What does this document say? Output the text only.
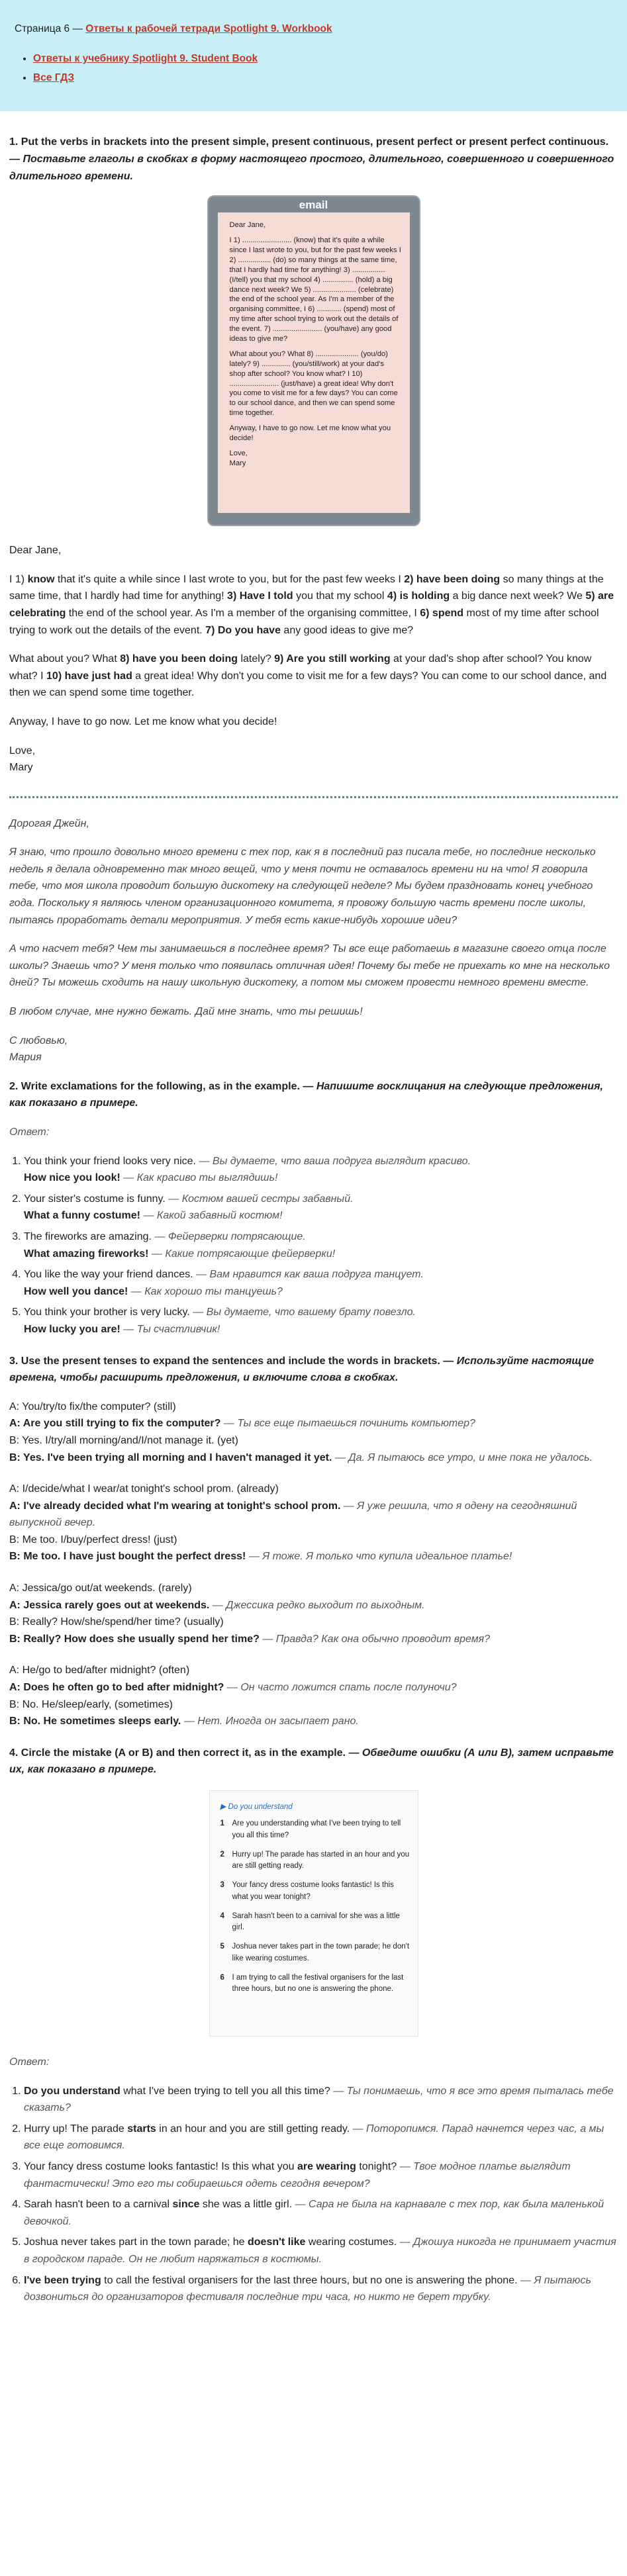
Страница 6 — Ответы к рабочей тетради Spotlight 9. Workbook
• Ответы к учебнику Spotlight 9. Student Book
• Все ГДЗ

1. Put the verbs in brackets into the present simple, present continuous, present perfect or present perfect continuous. — Поставьте глаголы в скобках в форму настоящего простого, длительного, совершенного и совершенного длительного времени.

email

Dear Jane,

I 1) ........................ (know) that it's quite a while since I last wrote to you, but for the past few weeks I 2) ................ (do) so many things at the same time, that I hardly had time for anything! 3) ................ (I/tell) you that my school 4) ............... (hold) a big dance next week? We 5) ..................... (celebrate) the end of the school year. As I'm a member of the organising committee, I 6) ............ (spend) most of my time after school trying to work out the details of the event. 7) ........................ (you/have) any good ideas to give me?

What about you? What 8) ..................... (you/do) lately? 9) .............. (you/still/work) at your dad's shop after school? You know what? I 10) ........................ (just/have) a great idea! Why don't you come to visit me for a few days? You can come to our school dance, and then we can spend some time together.

Anyway, I have to go now. Let me know what you decide!

Love,
Mary

Dear Jane,

I 1) know that it's quite a while since I last wrote to you, but for the past few weeks I 2) have been doing so many things at the same time, that I hardly had time for anything! 3) Have I told you that my school 4) is holding a big dance next week? We 5) are celebrating the end of the school year. As I'm a member of the organising committee, I 6) spend most of my time after school trying to work out the details of the event. 7) Do you have any good ideas to give me?

What about you? What 8) have you been doing lately? 9) Are you still working at your dad's shop after school? You know what? I 10) have just had a great idea! Why don't you come to visit me for a few days? You can come to our school dance, and then we can spend some time together.

Anyway, I have to go now. Let me know what you decide!

Love,
Mary

Дорогая Джейн,

Я знаю, что прошло довольно много времени с тех пор, как я в последний раз писала тебе, но последние несколько недель я делала одновременно так много вещей, что у меня почти не оставалось времени ни на что! Я говорила тебе, что моя школа проводит большую дискотеку на следующей неделе? Мы будем праздновать конец учебного года. Поскольку я являюсь членом организационного комитета, я провожу большую часть времени после школы, пытаясь проработать детали мероприятия. У тебя есть какие-нибудь хорошие идеи?

А что насчет тебя? Чем ты занимаешься в последнее время? Ты все еще работаешь в магазине своего отца после школы? Знаешь что? У меня только что появилась отличная идея! Почему бы тебе не приехать ко мне на несколько дней? Ты можешь сходить на нашу школьную дискотеку, а потом мы сможем провести немного времени вместе.

В любом случае, мне нужно бежать. Дай мне знать, что ты решишь!

С любовью,
Мария

2. Write exclamations for the following, as in the example. — Напишите восклицания на следующие предложения, как показано в примере.

Ответ:

1. You think your friend looks very nice. — Вы думаете, что ваша подруга выглядит красиво.
How nice you look! — Как красиво ты выглядишь!
2. Your sister's costume is funny. — Костюм вашей сестры забавный.
What a funny costume! — Какой забавный костюм!
3. The fireworks are amazing. — Фейерверки потрясающие.
What amazing fireworks! — Какие потрясающие фейерверки!
4. You like the way your friend dances. — Вам нравится как ваша подруга танцует.
How well you dance! — Как хорошо ты танцуешь?
5. You think your brother is very lucky. — Вы думаете, что вашему брату повезло.
How lucky you are! — Ты счастливчик!

3. Use the present tenses to expand the sentences and include the words in brackets. — Используйте настоящие времена, чтобы расширить предложения, и включите слова в скобках.

A: You/try/to fix/the computer? (still)
A: Are you still trying to fix the computer? — Ты все еще пытаешься починить компьютер?
B: Yes. I/try/all morning/and/I/not manage it. (yet)
B: Yes. I've been trying all morning and I haven't managed it yet. — Да. Я пытаюсь все утро, и мне пока не удалось.
A: I/decide/what I wear/at tonight's school prom. (already)
A: I've already decided what I'm wearing at tonight's school prom. — Я уже решила, что я одену на сегодняшний выпускной вечер.
B: Me too. I/buy/perfect dress! (just)
B: Me too. I have just bought the perfect dress! — Я тоже. Я только что купила идеальное платье!
A: Jessica/go out/at weekends. (rarely)
A: Jessica rarely goes out at weekends. — Джессика редко выходит по выходным.
B: Really? How/she/spend/her time? (usually)
B: Really? How does she usually spend her time? — Правда? Как она обычно проводит время?
A: He/go to bed/after midnight? (often)
A: Does he often go to bed after midnight? — Он часто ложится спать после полуночи?
B: No. He/sleep/early, (sometimes)
B: No. He sometimes sleeps early. — Нет. Иногда он засыпает рано.

4. Circle the mistake (A or B) and then correct it, as in the example. — Обведите ошибки (А или В), затем исправьте их, как показано в примере.

▶ Do you understand
1	Are you understanding what I've been trying to tell you all this time?
2	Hurry up! The parade has started in an hour and you are still getting ready.
3	Your fancy dress costume looks fantastic! Is this what you wear tonight?
4	Sarah hasn't been to a carnival for she was a little girl.
5	Joshua never takes part in the town parade; he don't like wearing costumes.
6	I am trying to call the festival organisers for the last three hours, but no one is answering the phone.

Ответ:

1. Do you understand what I've been trying to tell you all this time? — Ты понимаешь, что я все это время пыталась тебе сказать?
2. Hurry up! The parade starts in an hour and you are still getting ready. — Поторопимся. Парад начнется через час, а мы все еще готовимся.
3. Your fancy dress costume looks fantastic! Is this what you are wearing tonight? — Твое модное платье выглядит фантастически! Это его ты собираешься одеть сегодня вечером?
4. Sarah hasn't been to a carnival since she was a little girl. — Сара не была на карнавале с тех пор, как была маленькой девочкой.
5. Joshua never takes part in the town parade; he doesn't like wearing costumes. — Джошуа никогда не принимает участия в городском параде. Он не любит наряжаться в костюмы.
6. I've been trying to call the festival organisers for the last three hours, but no one is answering the phone. — Я пытаюсь дозвониться до организаторов фестиваля последние три часа, но никто не берет трубку.
